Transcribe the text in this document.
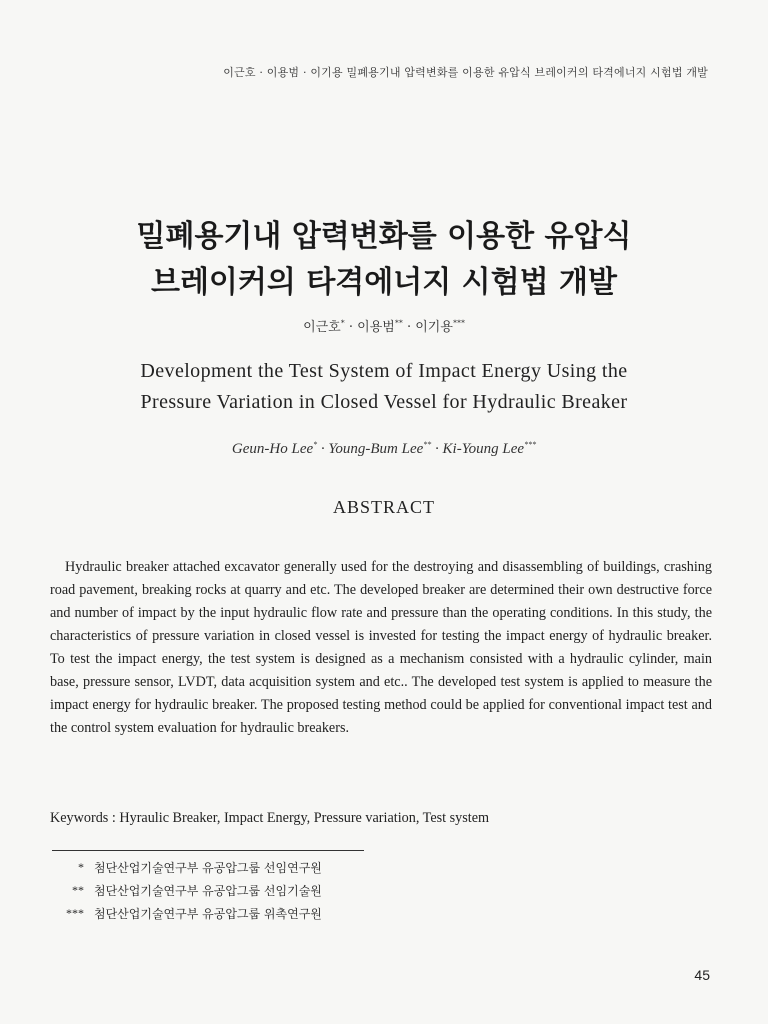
이근호 · 이용범 · 이기용 밀폐용기내 압력변화를 이용한 유압식 브레이커의 타격에너지 시험법 개발
밀폐용기내 압력변화를 이용한 유압식
브레이커의 타격에너지 시험법 개발
이근호* · 이용범** · 이기용***
Development the Test System of Impact Energy Using the
Pressure Variation in Closed Vessel for Hydraulic Breaker
Geun-Ho Lee* · Young-Bum Lee** · Ki-Young Lee***
ABSTRACT

Hydraulic breaker attached excavator generally used for the destroying and disassembling of buildings, crashing road pavement, breaking rocks at quarry and etc. The developed breaker are determined their own destructive force and number of impact by the input hydraulic flow rate and pressure than the operating conditions. In this study, the characteristics of pressure variation in closed vessel is invested for testing the impact energy of hydraulic breaker. To test the impact energy, the test system is designed as a mechanism consisted with a hydraulic cylinder, main base, pressure sensor, LVDT, data acquisition system and etc.. The developed test system is applied to measure the impact energy for hydraulic breaker. The proposed testing method could be applied for conventional impact test and the control system evaluation for hydraulic breakers.

Keywords : Hyraulic Breaker, Impact Energy, Pressure variation, Test system
* 첨단산업기술연구부 유공압그룹 선임연구원
** 첨단산업기술연구부 유공압그룹 선임기술원
*** 첨단산업기술연구부 유공압그룹 위촉연구원
45
